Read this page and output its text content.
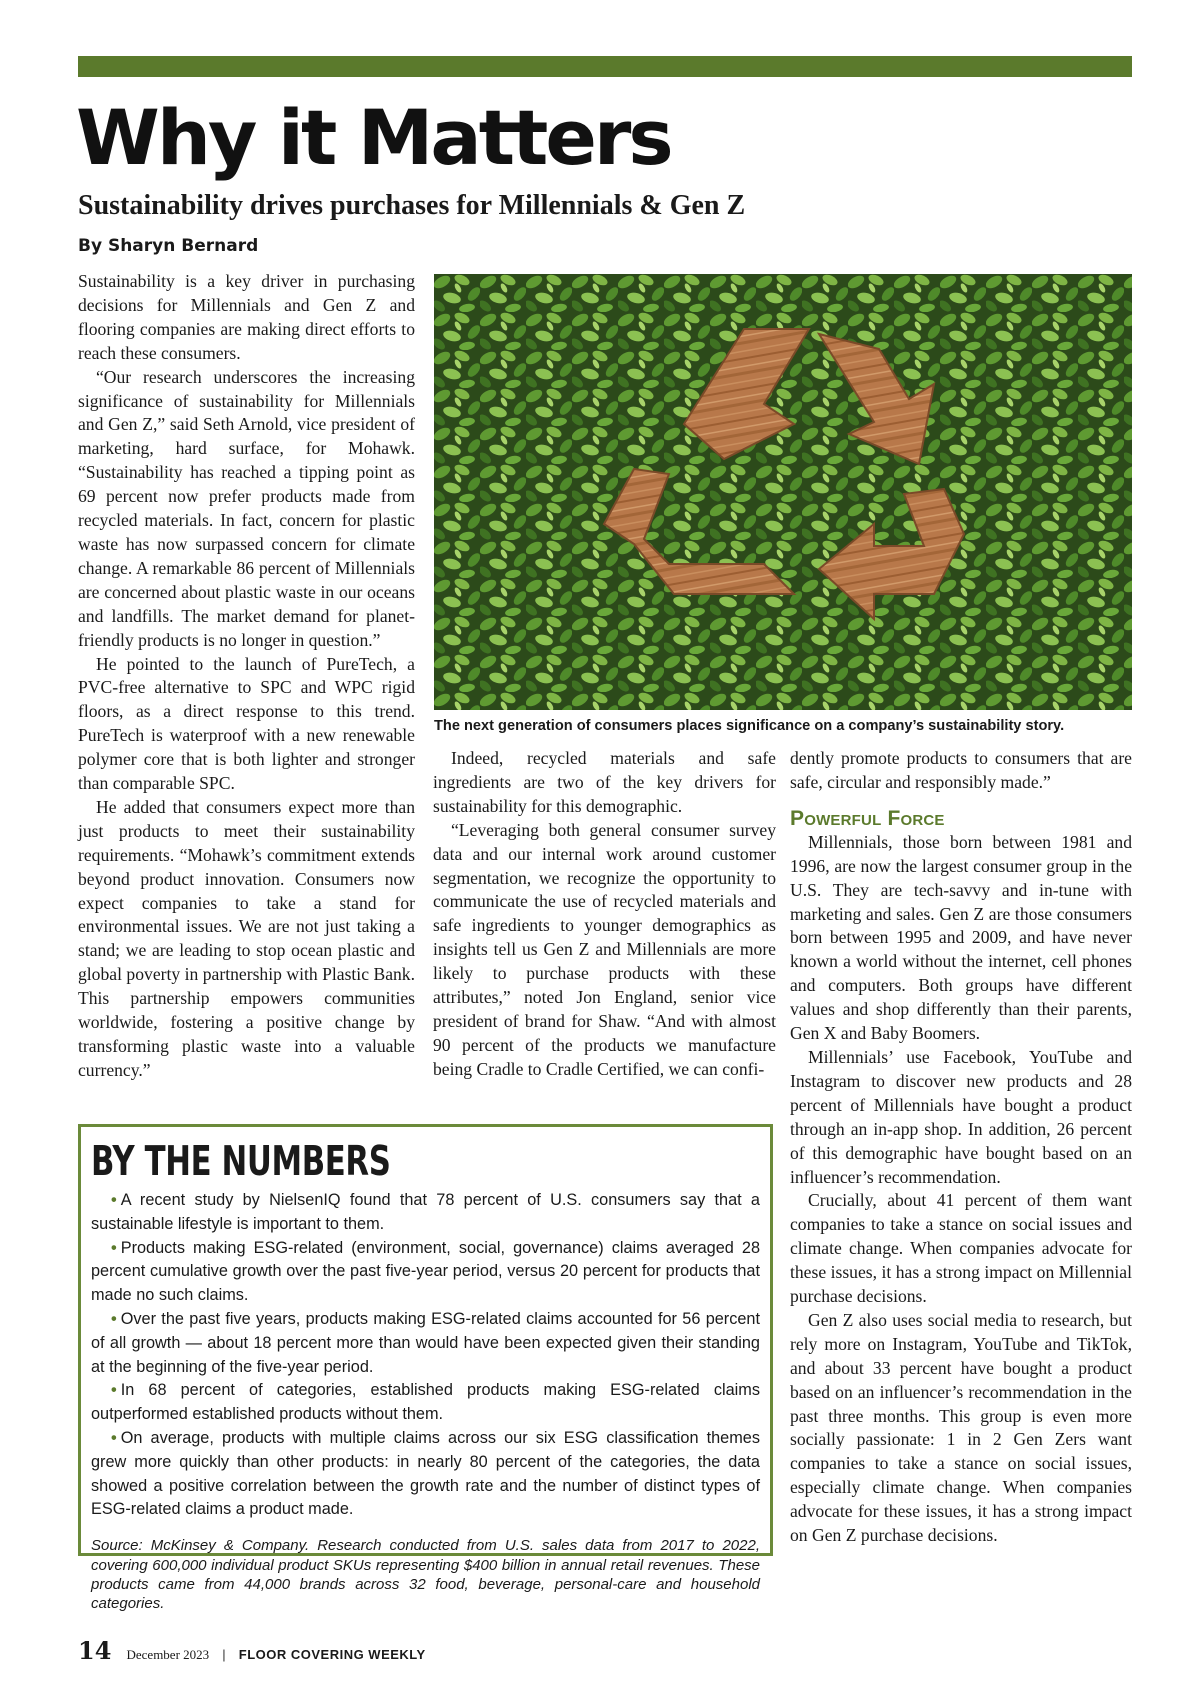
Why it Matters
Sustainability drives purchases for Millennials & Gen Z
By Sharyn Bernard

Sustainability is a key driver in purchasing decisions for Millennials and Gen Z and flooring companies are making direct efforts to reach these consumers.

“Our research underscores the increasing significance of sustainability for Millennials and Gen Z,” said Seth Arnold, vice president of marketing, hard surface, for Mohawk. “Sustainability has reached a tipping point as 69 percent now prefer products made from recycled materials. In fact, concern for plastic waste has now surpassed concern for climate change. A remarkable 86 percent of Millennials are concerned about plastic waste in our oceans and landfills. The market demand for planet-friendly products is no longer in question.”

He pointed to the launch of PureTech, a PVC-free alternative to SPC and WPC rigid floors, as a direct response to this trend. PureTech is waterproof with a new renewable polymer core that is both lighter and stronger than comparable SPC.

He added that consumers expect more than just products to meet their sustainability requirements. “Mohawk’s commitment extends beyond product innovation. Consumers now expect companies to take a stand for environmental issues. We are not just taking a stand; we are leading to stop ocean plastic and global poverty in partnership with Plastic Bank. This partnership empowers communities worldwide, fostering a positive change by transforming plastic waste into a valuable currency.”

The next generation of consumers places significance on a company’s sustainability story.

Indeed, recycled materials and safe ingredients are two of the key drivers for sustainability for this demographic.

“Leveraging both general consumer survey data and our internal work around customer segmentation, we recognize the opportunity to communicate the use of recycled materials and safe ingredients to younger demographics as insights tell us Gen Z and Millennials are more likely to purchase products with these attributes,” noted Jon England, senior vice president of brand for Shaw. “And with almost 90 percent of the products we manufacture being Cradle to Cradle Certified, we can confi-

dently promote products to consumers that are safe, circular and responsibly made.”

Powerful Force

Millennials, those born between 1981 and 1996, are now the largest consumer group in the U.S. They are tech-savvy and in-tune with marketing and sales. Gen Z are those consumers born between 1995 and 2009, and have never known a world without the internet, cell phones and computers. Both groups have different values and shop differently than their parents, Gen X and Baby Boomers.

Millennials’ use Facebook, YouTube and Instagram to discover new products and 28 percent of Millennials have bought a product through an in-app shop. In addition, 26 percent of this demographic have bought based on an influencer’s recommendation.

Crucially, about 41 percent of them want companies to take a stance on social issues and climate change. When companies advocate for these issues, it has a strong impact on Millennial purchase decisions.

Gen Z also uses social media to research, but rely more on Instagram, YouTube and TikTok, and about 33 percent have bought a product based on an influencer’s recommendation in the past three months. This group is even more socially passionate: 1 in 2 Gen Zers want companies to take a stance on social issues, especially climate change. When companies advocate for these issues, it has a strong impact on Gen Z purchase decisions.

BY THE NUMBERS
• A recent study by NielsenIQ found that 78 percent of U.S. consumers say that a sustainable lifestyle is important to them.
• Products making ESG-related (environment, social, governance) claims averaged 28 percent cumulative growth over the past five-year period, versus 20 percent for products that made no such claims.
• Over the past five years, products making ESG-related claims accounted for 56 percent of all growth — about 18 percent more than would have been expected given their standing at the beginning of the five-year period.
• In 68 percent of categories, established products making ESG-related claims outperformed established products without them.
• On average, products with multiple claims across our six ESG classification themes grew more quickly than other products: in nearly 80 percent of the categories, the data showed a positive correlation between the growth rate and the number of distinct types of ESG-related claims a product made.

Source: McKinsey & Company. Research conducted from U.S. sales data from 2017 to 2022, covering 600,000 individual product SKUs representing $400 billion in annual retail revenues. These products came from 44,000 brands across 32 food, beverage, personal-care and household categories.

14 December 2023 | FLOOR COVERING WEEKLY
